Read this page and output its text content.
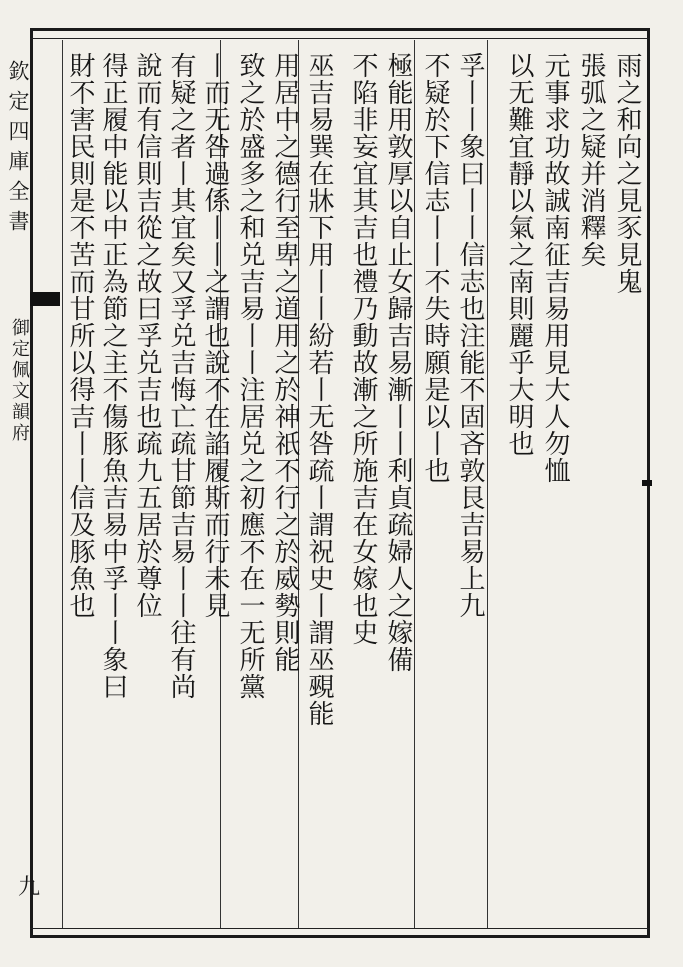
欽定四庫全書
御定佩文韻府
九
雨之和向之見豕見鬼
張弧之疑并消釋矣
元事求功故誠南征吉易用見大人勿恤
以无難宜靜以氣之南則麗乎大明也
孚丨丨象曰丨丨信志也注能不固吝敦艮吉易上九
不疑於下信志丨丨不失時願是以丨也
極能用敦厚以自止女歸吉易漸丨丨利貞疏婦人之嫁備
不陷非妄宜其吉也禮乃動故漸之所施吉在女嫁也史
巫吉易巽在牀下用丨丨紛若丨无咎疏丨謂祝史丨謂巫覡能
用居中之德行至卑之道用之於神祇不行之於威勢則能
致之於盛多之和兑吉易丨丨注居兑之初應不在一无所黨
丨而无咎過係丨丨之謂也說不在諂履斯而行未見
有疑之者丨其宜矣又孚兑吉悔亡疏甘節吉易丨丨往有尚
說而有信則吉從之故曰孚兑吉也疏九五居於尊位
得正履中能以中正為節之主不傷豚魚吉易中孚丨丨象曰
財不害民則是不苦而甘所以得吉丨丨信及豚魚也
